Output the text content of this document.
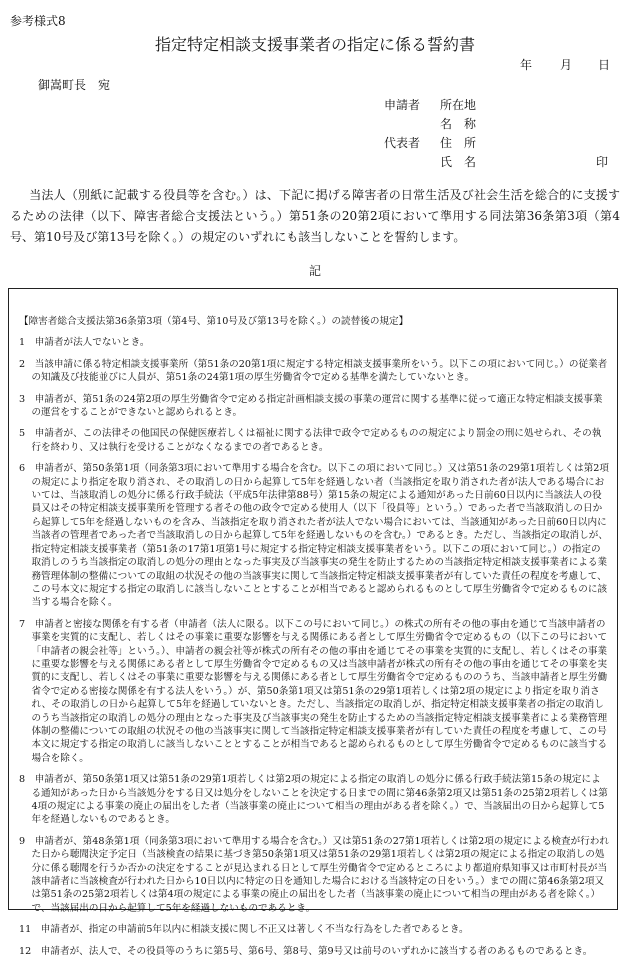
参考様式8
指定特定相談支援事業者の指定に係る誓約書
年 月 日
御嵩町長　宛
申請者 所在地
名　称
代表者 住　所
氏　名	印
当法人（別紙に記載する役員等を含む。）は、下記に掲げる障害者の日常生活及び社会生活を総合的に支援するための法律（以下、障害者総合支援法という。）第51条の20第2項において準用する同法第36条第3項（第4号、第10号及び第13号を除く。）の規定のいずれにも該当しないことを誓約します。
記
【障害者総合支援法第36条第3項（第4号、第10号及び第13号を除く。）の読替後の規定】
1　申請者が法人でないとき。
2　当該申請に係る特定相談支援事業所（第51条の20第1項に規定する特定相談支援事業所をいう。以下この項において同じ。）の従業者の知識及び技能並びに人員が、第51条の24第1項の厚生労働省令で定める基準を満たしていないとき。
3　申請者が、第51条の24第2項の厚生労働省令で定める指定計画相談支援の事業の運営に関する基準に従って適正な特定相談支援事業の運営をすることができないと認められるとき。
5　申請者が、この法律その他国民の保健医療若しくは福祉に関する法律で政令で定めるものの規定により罰金の刑に処せられ、その執行を終わり、又は執行を受けることがなくなるまでの者であるとき。
6　申請者が、第50条第1項（同条第3項において準用する場合を含む。以下この項において同じ。）又は第51条の29第1項若しくは第2項の規定により指定を取り消され、その取消しの日から起算して5年を経過しない者（当該指定を取り消された者が法人である場合においては、当該取消しの処分に係る行政手続法（平成5年法律第88号）第15条の規定による通知があった日前60日以内に当該法人の役員又はその特定相談支援事業所を管理する者その他の政令で定める使用人（以下「役員等」という。）であった者で当該取消しの日から起算して5年を経過しないものを含み、当該指定を取り消された者が法人でない場合においては、当該通知があった日前60日以内に当該者の管理者であった者で当該取消しの日から起算して5年を経過しないものを含む。）であるとき。ただし、当該指定の取消しが、指定特定相談支援事業者（第51条の17第1項第1号に規定する指定特定相談支援事業者をいう。以下この項において同じ。）の指定の取消しのうち当該指定の取消しの処分の理由となった事実及び当該事実の発生を防止するための当該指定特定相談支援事業者による業務管理体制の整備についての取組の状況その他の当該事実に関して当該指定特定相談支援事業者が有していた責任の程度を考慮して、この号本文に規定する指定の取消しに該当しないこととすることが相当であると認められるものとして厚生労働省令で定めるものに該当する場合を除く。
7　申請者と密接な関係を有する者（申請者（法人に限る。以下この号において同じ。）の株式の所有その他の事由を通じて当該申請者の事業を実質的に支配し、若しくはその事業に重要な影響を与える関係にある者として厚生労働省令で定めるもの（以下この号において「申請者の親会社等」という。）、申請者の親会社等が株式の所有その他の事由を通じてその事業を実質的に支配し、若しくはその事業に重要な影響を与える関係にある者として厚生労働省令で定めるもの又は当該申請者が株式の所有その他の事由を通じてその事業を実質的に支配し、若しくはその事業に重要な影響を与える関係にある者として厚生労働省令で定めるもののうち、当該申請者と厚生労働省令で定める密接な関係を有する法人をいう。）が、第50条第1項又は第51条の29第1項若しくは第2項の規定により指定を取り消され、その取消しの日から起算して5年を経過していないとき。ただし、当該指定の取消しが、指定特定相談支援事業者の指定の取消しのうち当該指定の取消しの処分の理由となった事実及び当該事実の発生を防止するための当該指定特定相談支援事業者による業務管理体制の整備についての取組の状況その他の当該事実に関して当該指定特定相談支援事業者が有していた責任の程度を考慮して、この号本文に規定する指定の取消しに該当しないこととすることが相当であると認められるものとして厚生労働省令で定めるものに該当する場合を除く。
8　申請者が、第50条第1項又は第51条の29第1項若しくは第2項の規定による指定の取消しの処分に係る行政手続法第15条の規定による通知があった日から当該処分をする日又は処分をしないことを決定する日までの間に第46条第2項又は第51条の25第2項若しくは第4項の規定による事業の廃止の届出をした者（当該事業の廃止について相当の理由がある者を除く。）で、当該届出の日から起算して5年を経過しないものであるとき。
9　申請者が、第48条第1項（同条第3項において準用する場合を含む。）又は第51条の27第1項若しくは第2項の規定による検査が行われた日から聴聞決定予定日（当該検査の結果に基づき第50条第1項又は第51条の29第1項若しくは第2項の規定による指定の取消しの処分に係る聴聞を行うか否かの決定をすることが見込まれる日として厚生労働省令で定めるところにより都道府県知事又は市町村長が当該申請者に当該検査が行われた日から10日以内に特定の日を通知した場合における当該特定の日をいう。）までの間に第46条第2項又は第51条の25第2項若しくは第4項の規定による事業の廃止の届出をした者（当該事業の廃止について相当の理由がある者を除く。）で、当該届出の日から起算して5年を経過しないものであるとき。
11　申請者が、指定の申請前5年以内に相談支援に関し不正又は著しく不当な行為をした者であるとき。
12　申請者が、法人で、その役員等のうちに第5号、第6号、第8号、第9号又は前号のいずれかに該当する者のあるものであるとき。
